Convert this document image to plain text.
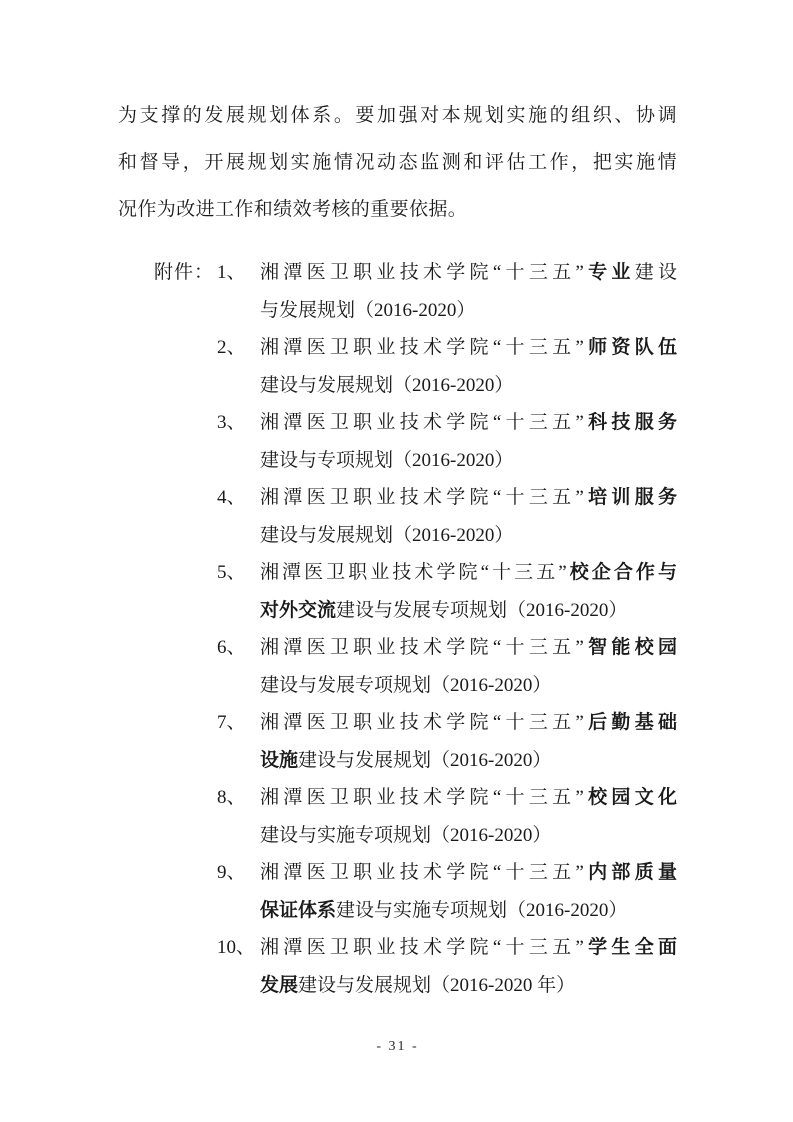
为支撑的发展规划体系。要加强对本规划实施的组织、协调
和督导，开展规划实施情况动态监测和评估工作，把实施情
况作为改进工作和绩效考核的重要依据。
附件： 1、 湘潭医卫职业技术学院“十三五”专业建设
与发展规划（2016-2020）
2、 湘潭医卫职业技术学院“十三五”师资队伍
建设与发展规划（2016-2020）
3、 湘潭医卫职业技术学院“十三五”科技服务
建设与专项规划（2016-2020）
4、 湘潭医卫职业技术学院“十三五”培训服务
建设与发展规划（2016-2020）
5、 湘潭医卫职业技术学院“十三五”校企合作与
对外交流建设与发展专项规划（2016-2020）
6、 湘潭医卫职业技术学院“十三五”智能校园
建设与发展专项规划（2016-2020）
7、 湘潭医卫职业技术学院“十三五”后勤基础
设施建设与发展规划（2016-2020）
8、 湘潭医卫职业技术学院“十三五”校园文化
建设与实施专项规划（2016-2020）
9、 湘潭医卫职业技术学院“十三五”内部质量
保证体系建设与实施专项规划（2016-2020）
10、 湘潭医卫职业技术学院“十三五”学生全面
发展建设与发展规划（2016-2020 年）
- 31 -
